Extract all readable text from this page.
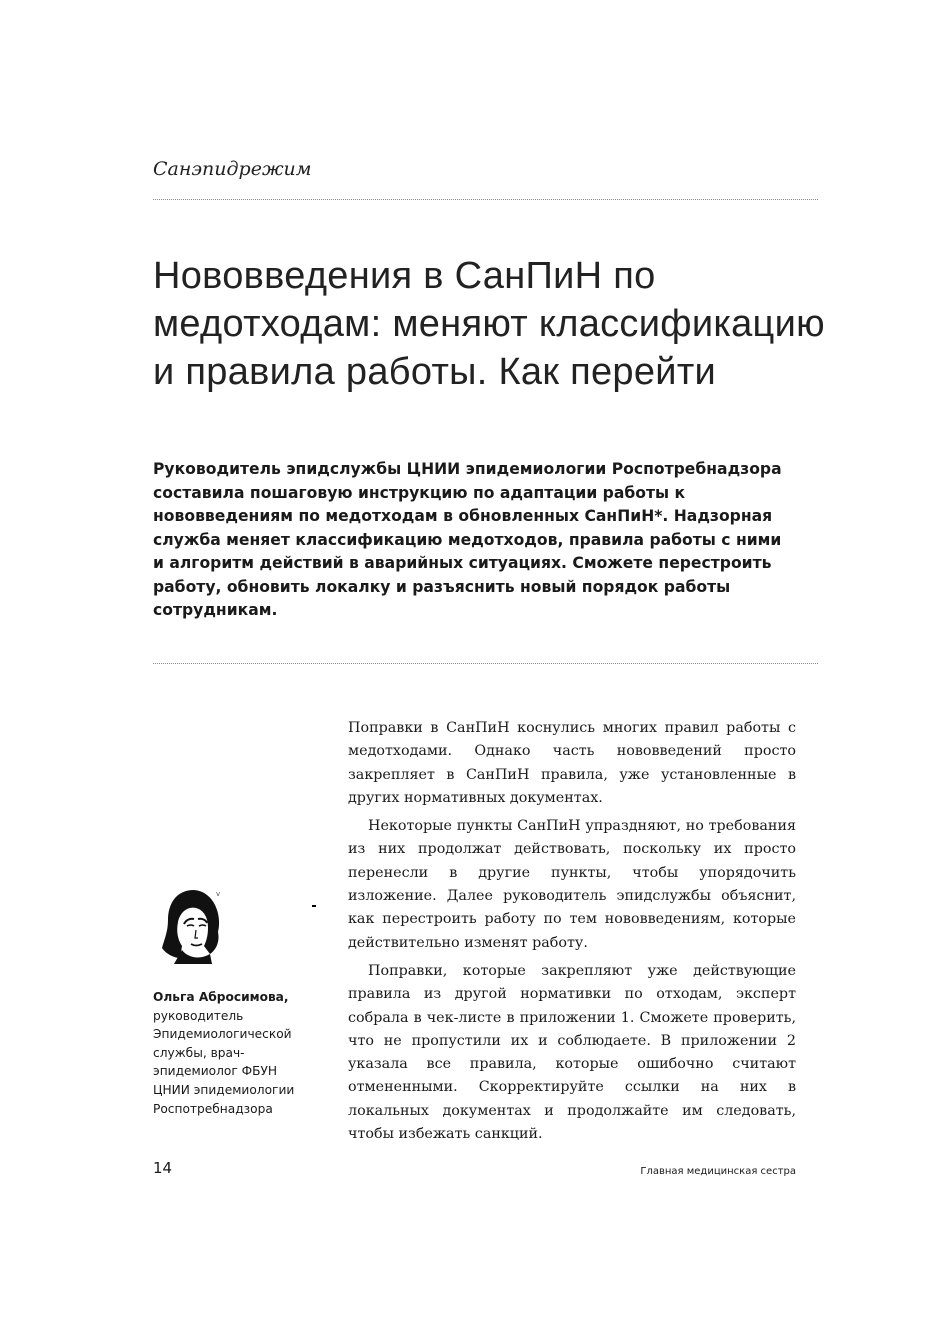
Санэпидрежим
Нововведения в СанПиН по медотходам: меняют классификацию и правила работы. Как перейти

Руководитель эпидслужбы ЦНИИ эпидемиологии Роспотребнадзора составила пошаговую инструкцию по адаптации работы к нововведениям по медотходам в обновленных СанПиН*. Надзорная служба меняет классификацию медотходов, правила работы с ними и алгоритм действий в аварийных ситуациях. Сможете перестроить работу, обновить локалку и разъяснить новый порядок работы сотрудникам.

v
Ольга Абросимова,
руководитель Эпидемиологической службы, врач-эпидемиолог ФБУН ЦНИИ эпидемиологии Роспотребнадзора

Поправки в СанПиН коснулись многих правил работы с медотходами. Однако часть нововведений просто закрепляет в СанПиН правила, уже установленные в других нормативных документах.

Некоторые пункты СанПиН упраздняют, но требования из них продолжат действовать, поскольку их просто перенесли в другие пункты, чтобы упорядочить изложение. Далее руководитель эпидслужбы объяснит, как перестроить работу по тем нововведениям, которые действительно изменят работу.

Поправки, которые закрепляют уже действующие правила из другой нормативки по отходам, эксперт собрала в чек-листе в приложении 1. Сможете проверить, что не пропустили их и соблюдаете. В приложении 2 указала все правила, которые ошибочно считают отмененными. Скорректируйте ссылки на них в локальных документах и продолжайте им следовать, чтобы избежать санкций.

14	Главная медицинская сестра
